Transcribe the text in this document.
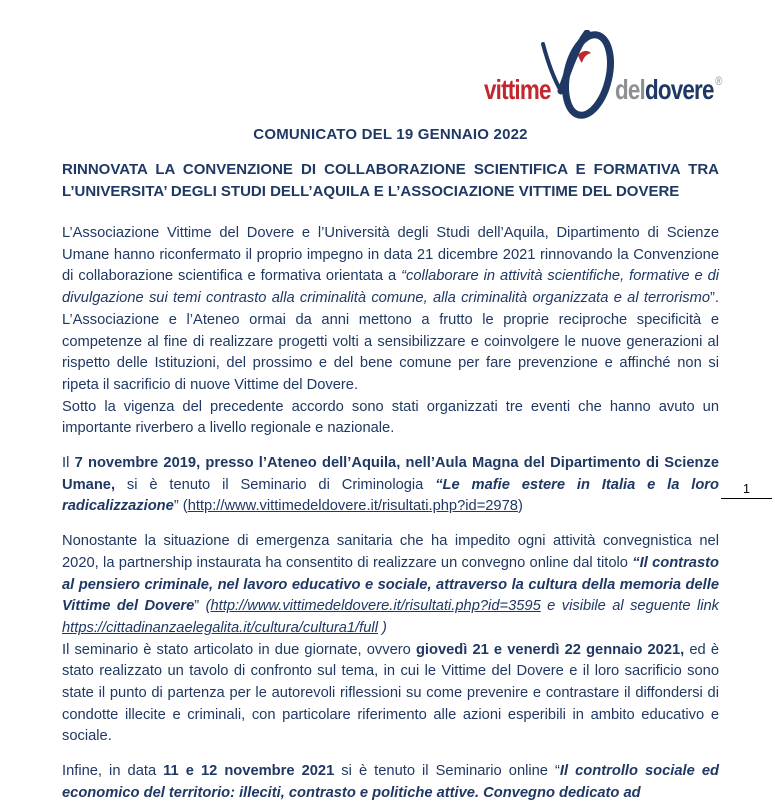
vittime deldovere ®
COMUNICATO DEL 19 GENNAIO 2022
RINNOVATA LA CONVENZIONE DI COLLABORAZIONE SCIENTIFICA E FORMATIVA TRA L’UNIVERSITA’ DEGLI STUDI DELL’AQUILA E L’ASSOCIAZIONE VITTIME DEL DOVERE

L’Associazione Vittime del Dovere e l’Università degli Studi dell’Aquila, Dipartimento di Scienze Umane hanno riconfermato il proprio impegno in data 21 dicembre 2021 rinnovando la Convenzione di collaborazione scientifica e formativa orientata a “collaborare in attività scientifiche, formative e di divulgazione sui temi contrasto alla criminalità comune, alla criminalità organizzata e al terrorismo”. L’Associazione e l’Ateneo ormai da anni mettono a frutto le proprie reciproche specificità e competenze al fine di realizzare progetti volti a sensibilizzare e coinvolgere le nuove generazioni al rispetto delle Istituzioni, del prossimo e del bene comune per fare prevenzione e affinché non si ripeta il sacrificio di nuove Vittime del Dovere.

Sotto la vigenza del precedente accordo sono stati organizzati tre eventi che hanno avuto un importante riverbero a livello regionale e nazionale.

Il 7 novembre 2019, presso l’Ateneo dell’Aquila, nell’Aula Magna del Dipartimento di Scienze Umane, si è tenuto il Seminario di Criminologia “Le mafie estere in Italia e la loro radicalizzazione” (http://www.vittimedeldovere.it/risultati.php?id=2978)

Nonostante la situazione di emergenza sanitaria che ha impedito ogni attività convegnistica nel 2020, la partnership instaurata ha consentito di realizzare un convegno online dal titolo “Il contrasto al pensiero criminale, nel lavoro educativo e sociale, attraverso la cultura della memoria delle Vittime del Dovere” (http://www.vittimedeldovere.it/risultati.php?id=3595 e visibile al seguente link https://cittadinanzaelegalita.it/cultura/cultura1/full )

Il seminario è stato articolato in due giornate, ovvero giovedì 21 e venerdì 22 gennaio 2021, ed è stato realizzato un tavolo di confronto sul tema, in cui le Vittime del Dovere e il loro sacrificio sono state il punto di partenza per le autorevoli riflessioni su come prevenire e contrastare il diffondersi di condotte illecite e criminali, con particolare riferimento alle azioni esperibili in ambito educativo e sociale.

Infine, in data 11 e 12 novembre 2021 si è tenuto il Seminario online “Il controllo sociale ed economico del territorio: illeciti, contrasto e politiche attive. Convegno dedicato ad

1
